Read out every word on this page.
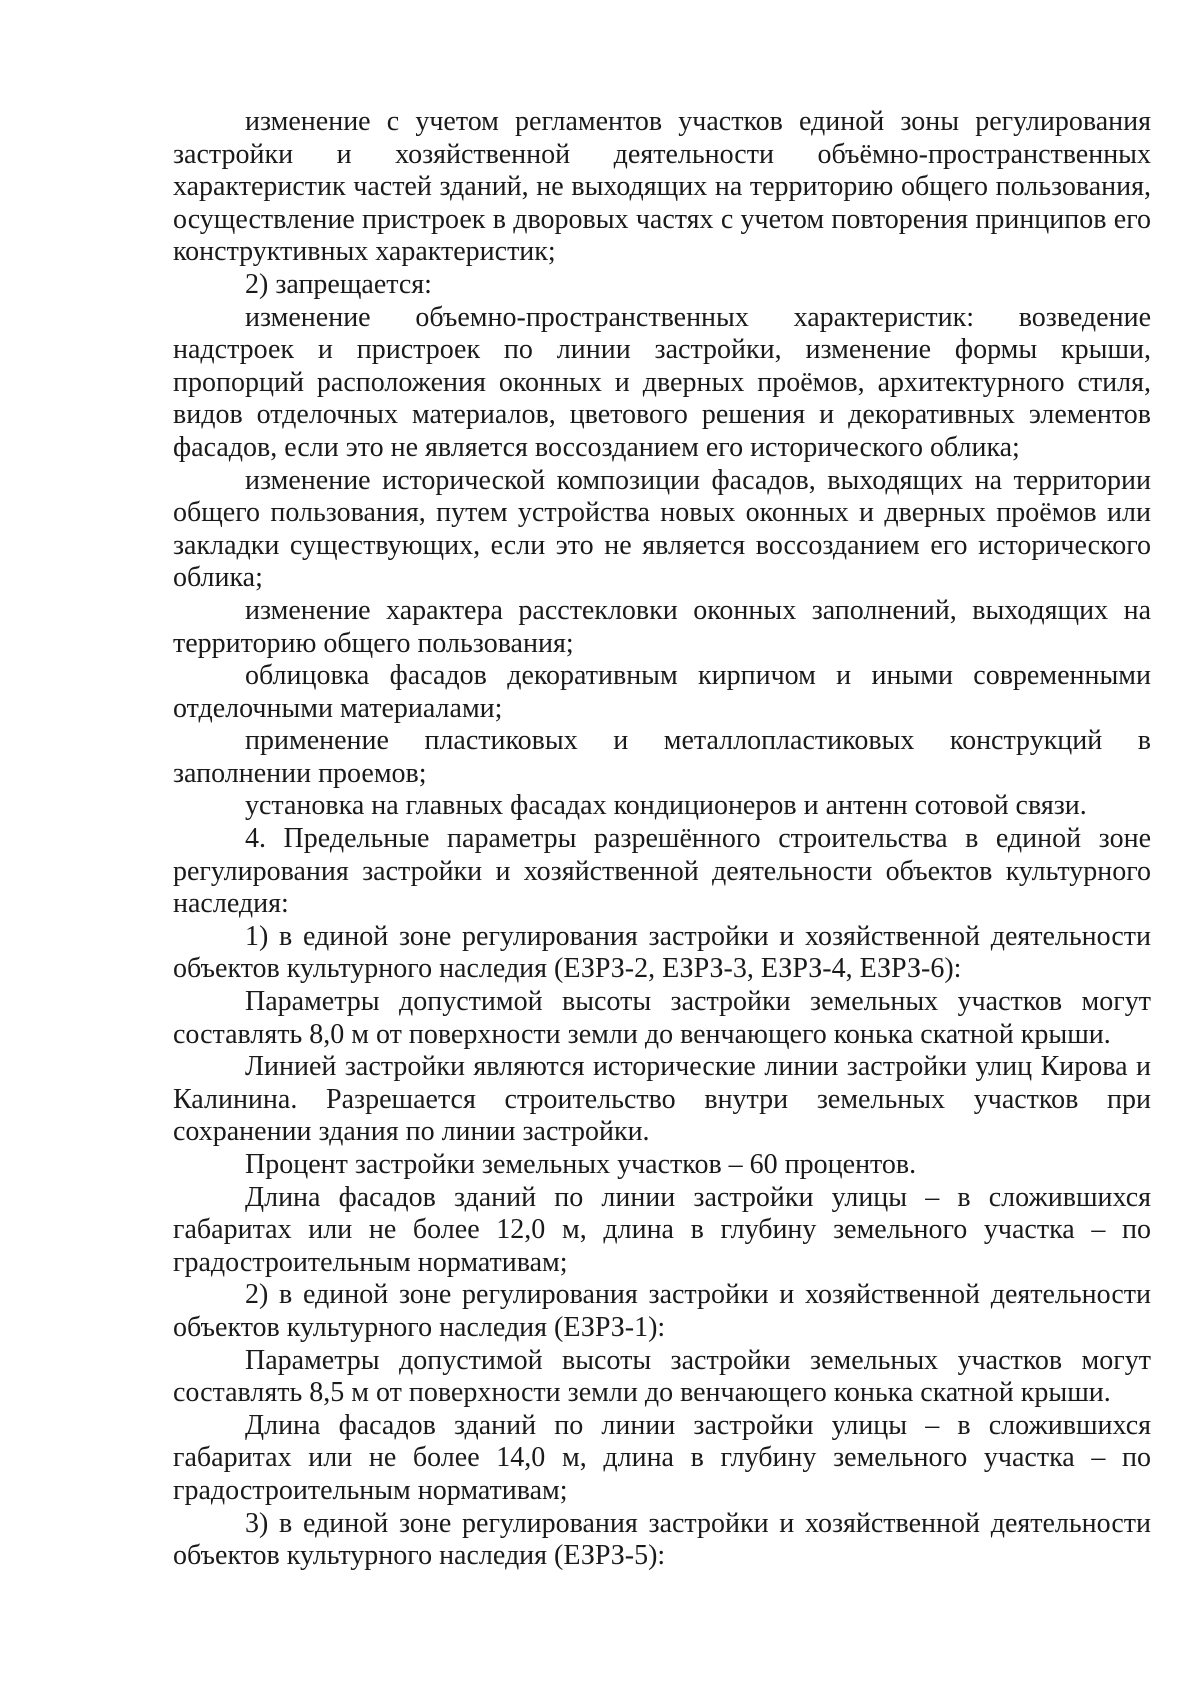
изменение с учетом регламентов участков единой зоны регулирования застройки и хозяйственной деятельности объёмно-пространственных характеристик частей зданий, не выходящих на территорию общего пользования, осуществление пристроек в дворовых частях с учетом повторения принципов его конструктивных характеристик;

2) запрещается:

изменение объемно-пространственных характеристик: возведение надстроек и пристроек по линии застройки, изменение формы крыши, пропорций расположения оконных и дверных проёмов, архитектурного стиля, видов отделочных материалов, цветового решения и декоративных элементов фасадов, если это не является воссозданием его исторического облика;

изменение исторической композиции фасадов, выходящих на территории общего пользования, путем устройства новых оконных и дверных проёмов или закладки существующих, если это не является воссозданием его исторического облика;

изменение характера расстекловки оконных заполнений, выходящих на территорию общего пользования;

облицовка фасадов декоративным кирпичом и иными современными отделочными материалами;

применение пластиковых и металлопластиковых конструкций в заполнении проемов;

установка на главных фасадах кондиционеров и антенн сотовой связи.

4. Предельные параметры разрешённого строительства в единой зоне регулирования застройки и хозяйственной деятельности объектов культурного наследия:

1) в единой зоне регулирования застройки и хозяйственной деятельности объектов культурного наследия (ЕЗРЗ-2, ЕЗРЗ-3, ЕЗРЗ-4, ЕЗРЗ-6):

Параметры допустимой высоты застройки земельных участков могут составлять 8,0 м от поверхности земли до венчающего конька скатной крыши.

Линией застройки являются исторические линии застройки улиц Кирова и Калинина. Разрешается строительство внутри земельных участков при сохранении здания по линии застройки.

Процент застройки земельных участков – 60 процентов.

Длина фасадов зданий по линии застройки улицы – в сложившихся габаритах или не более 12,0 м, длина в глубину земельного участка – по градостроительным нормативам;

2) в единой зоне регулирования застройки и хозяйственной деятельности объектов культурного наследия (ЕЗРЗ-1):

Параметры допустимой высоты застройки земельных участков могут составлять 8,5 м от поверхности земли до венчающего конька скатной крыши.

Длина фасадов зданий по линии застройки улицы – в сложившихся габаритах или не более 14,0 м, длина в глубину земельного участка – по градостроительным нормативам;

3) в единой зоне регулирования застройки и хозяйственной деятельности объектов культурного наследия (ЕЗРЗ-5):
